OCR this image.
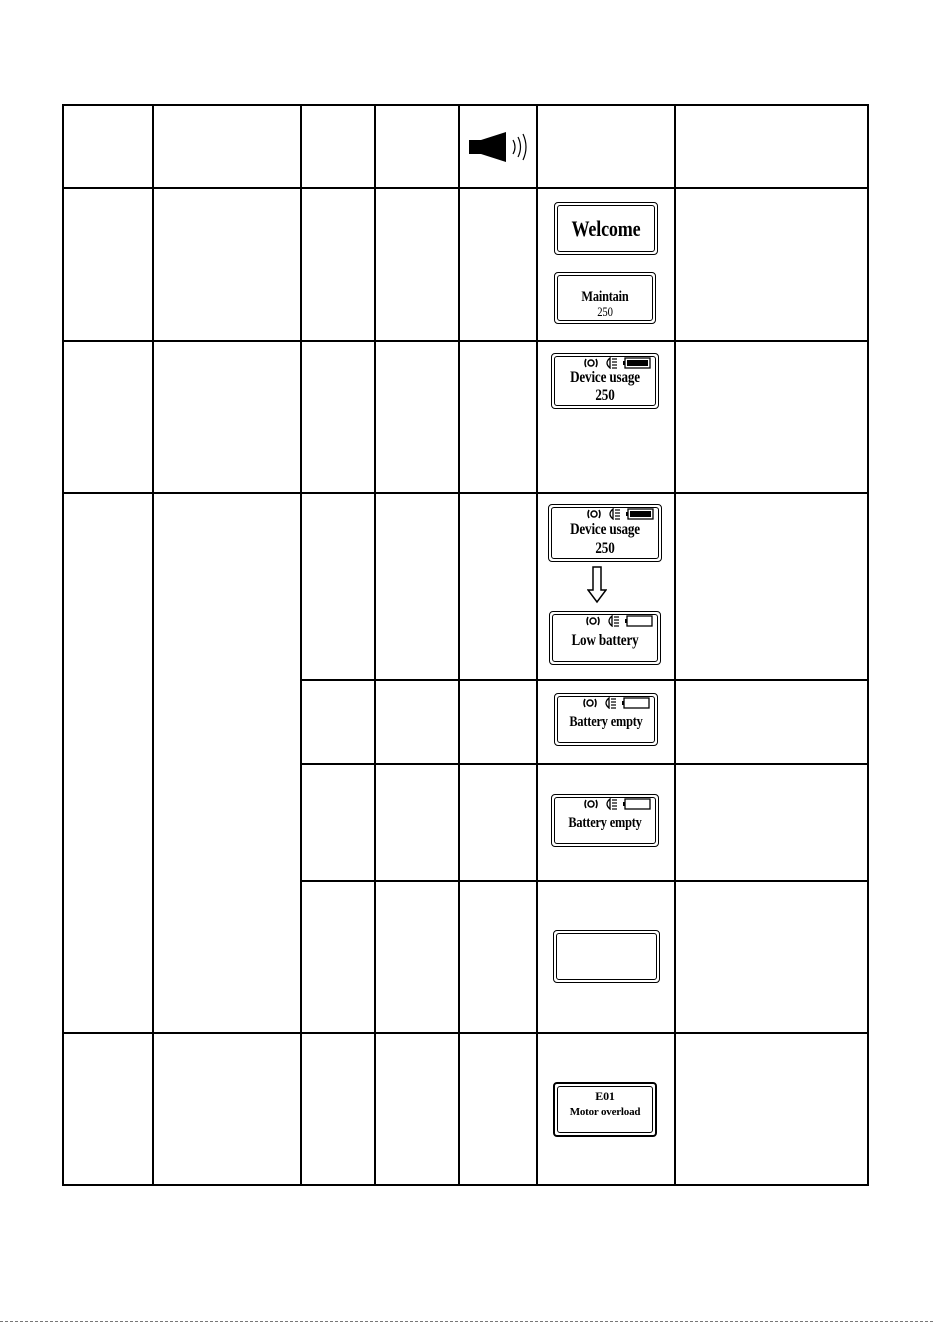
Welcome
Maintain
250
Device usage
250
Device usage
250
Low battery
Battery empty
Battery empty
E01
Motor overload
